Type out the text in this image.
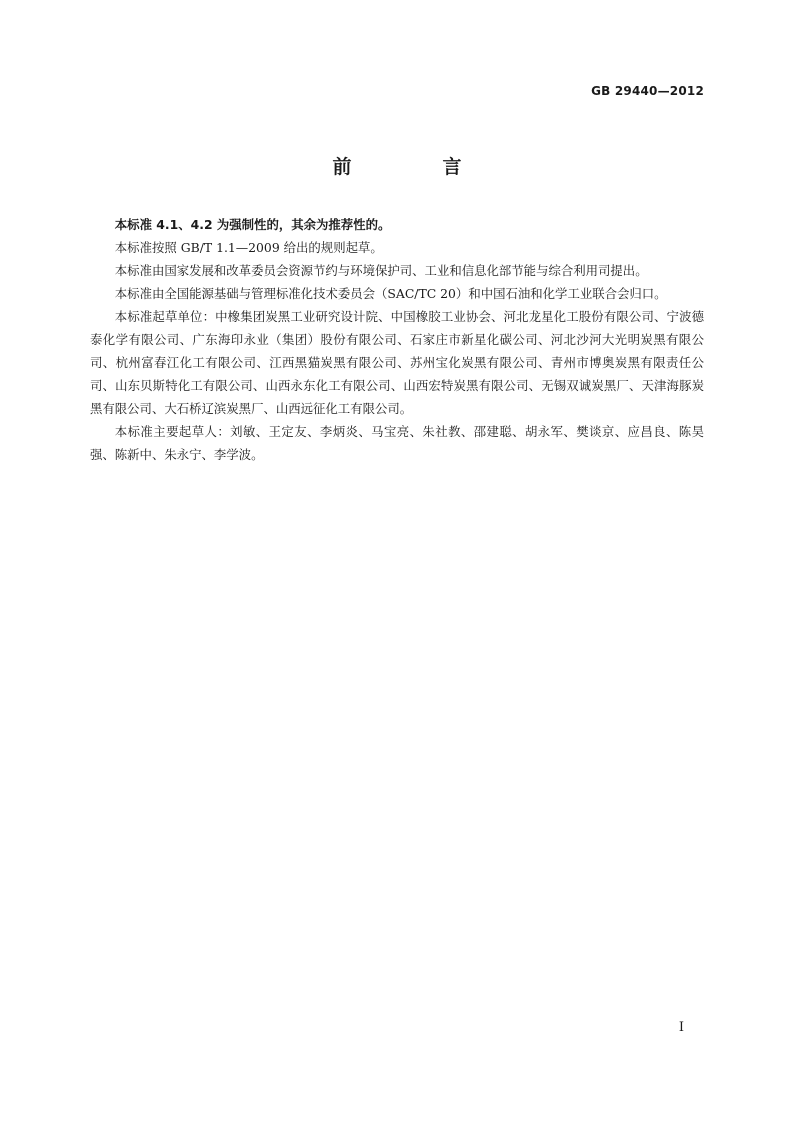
GB 29440—2012
前　言

本标准 4.1、4.2 为强制性的，其余为推荐性的。

本标准按照 GB/T 1.1—2009 给出的规则起草。

本标准由国家发展和改革委员会资源节约与环境保护司、工业和信息化部节能与综合利用司提出。

本标准由全国能源基础与管理标准化技术委员会（SAC/TC 20）和中国石油和化学工业联合会归口。

本标准起草单位：中橡集团炭黑工业研究设计院、中国橡胶工业协会、河北龙星化工股份有限公司、宁波德泰化学有限公司、广东海印永业（集团）股份有限公司、石家庄市新星化碳公司、河北沙河大光明炭黑有限公司、杭州富春江化工有限公司、江西黑猫炭黑有限公司、苏州宝化炭黑有限公司、青州市博奥炭黑有限责任公司、山东贝斯特化工有限公司、山西永东化工有限公司、山西宏特炭黑有限公司、无锡双诚炭黑厂、天津海豚炭黑有限公司、大石桥辽滨炭黑厂、山西远征化工有限公司。

本标准主要起草人：刘敏、王定友、李炳炎、马宝亮、朱社教、邵建聪、胡永军、樊谈京、应昌良、陈昊强、陈新中、朱永宁、李学波。

I
